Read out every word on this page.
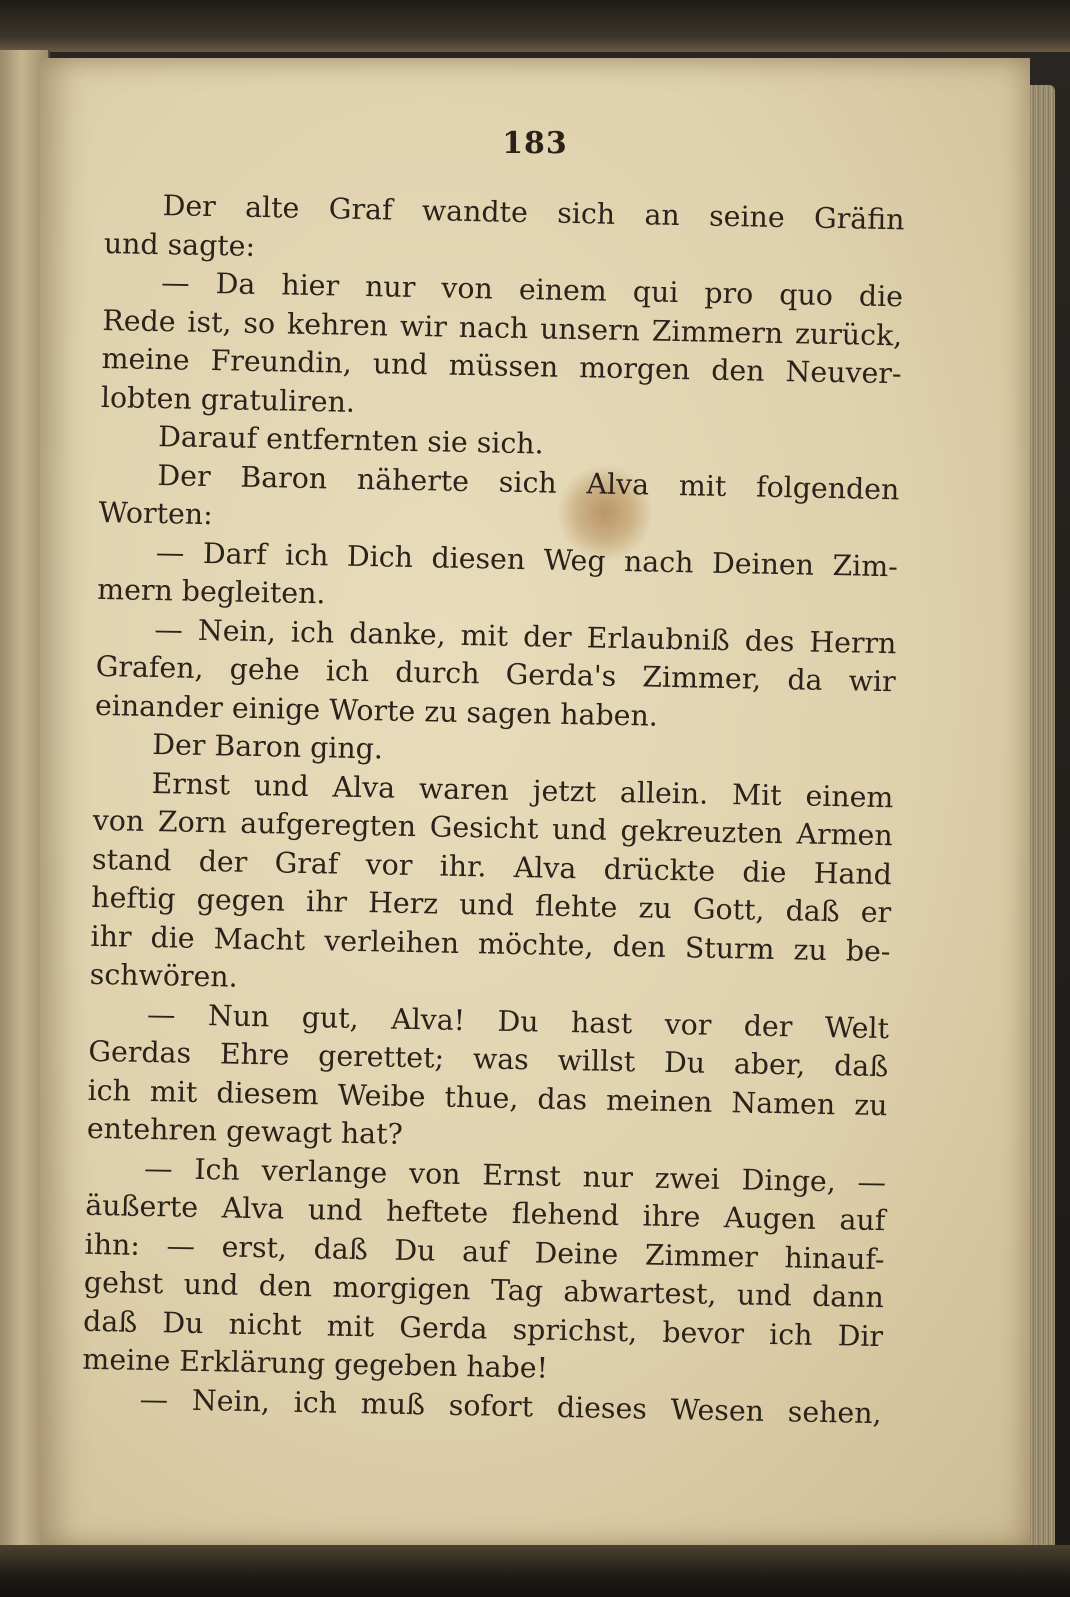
183
Der alte Graf wandte sich an seine Gräfin
und sagte:
— Da hier nur von einem qui pro quo die
Rede ist, so kehren wir nach unsern Zimmern zurück,
meine Freundin, und müssen morgen den Neuver-
lobten gratuliren.
Darauf entfernten sie sich.
Der Baron näherte sich Alva mit folgenden
Worten:
— Darf ich Dich diesen Weg nach Deinen Zim-
mern begleiten.
— Nein, ich danke, mit der Erlaubniß des Herrn
Grafen, gehe ich durch Gerda's Zimmer, da wir
einander einige Worte zu sagen haben.
Der Baron ging.
Ernst und Alva waren jetzt allein. Mit einem
von Zorn aufgeregten Gesicht und gekreuzten Armen
stand der Graf vor ihr. Alva drückte die Hand
heftig gegen ihr Herz und flehte zu Gott, daß er
ihr die Macht verleihen möchte, den Sturm zu be-
schwören.
— Nun gut, Alva! Du hast vor der Welt
Gerdas Ehre gerettet; was willst Du aber, daß
ich mit diesem Weibe thue, das meinen Namen zu
entehren gewagt hat?
— Ich verlange von Ernst nur zwei Dinge, —
äußerte Alva und heftete flehend ihre Augen auf
ihn: — erst, daß Du auf Deine Zimmer hinauf-
gehst und den morgigen Tag abwartest, und dann
daß Du nicht mit Gerda sprichst, bevor ich Dir
meine Erklärung gegeben habe!
— Nein, ich muß sofort dieses Wesen sehen,
